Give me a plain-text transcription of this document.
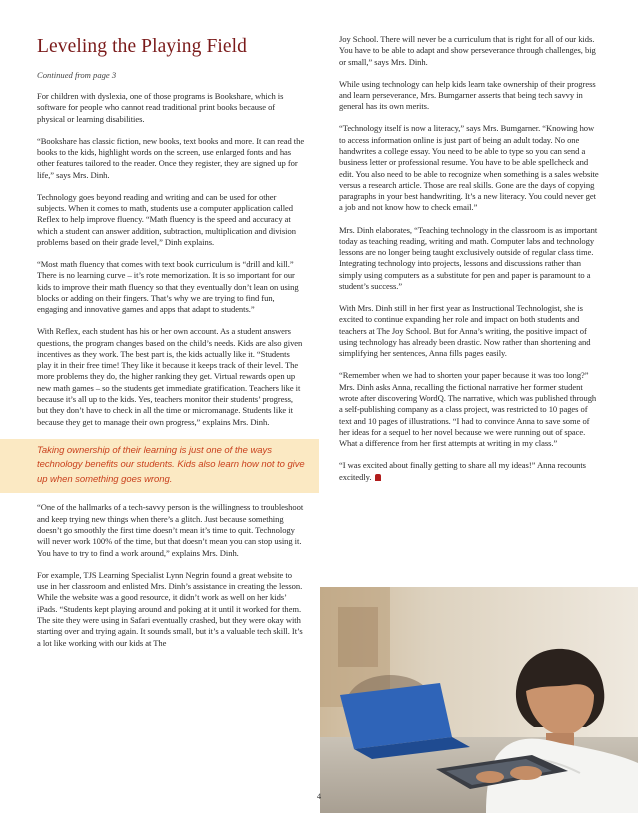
Leveling the Playing Field
Continued from page 3

For children with dyslexia, one of those programs is Bookshare, which is software for people who cannot read traditional print books because of physical or learning disabilities.

“Bookshare has classic fiction, new books, text books and more. It can read the books to the kids, highlight words on the screen, use enlarged fonts and has other features tailored to the reader. Once they register, they are signed up for life,” says Mrs. Dinh.

Technology goes beyond reading and writing and can be used for other subjects. When it comes to math, students use a computer application called Reflex to help improve fluency. “Math fluency is the speed and accuracy at which a student can answer addition, subtraction, multiplication and division problems based on their grade level,” Dinh explains.

“Most math fluency that comes with text book curriculum is “drill and kill.” There is no learning curve – it’s rote memorization. It is so important for our kids to improve their math fluency so that they eventually don’t lean on using blocks or adding on their fingers. That’s why we are trying to find fun, engaging and innovative games and apps that adapt to students.”

With Reflex, each student has his or her own account. As a student answers questions, the program changes based on the child’s needs. Kids are also given incentives as they work. The best part is, the kids actually like it. “Students play it in their free time! They like it because it keeps track of their level. The more problems they do, the higher ranking they get. Virtual rewards open up new math games – so the students get immediate gratification. Teachers like it because it’s all up to the kids. Yes, teachers monitor their students’ progress, but they don’t have to check in all the time or micromanage. Students like it because they get to manage their own progress,” explains Mrs. Dinh.

Taking ownership of their learning is just one of the ways technology benefits our students. Kids also learn how not to give up when something goes wrong.

“One of the hallmarks of a tech-savvy person is the willingness to troubleshoot and keep trying new things when there’s a glitch. Just because something doesn’t go smoothly the first time doesn’t mean it’s time to quit. Technology will never work 100% of the time, but that doesn’t mean you can stop using it. You have to try to find a work around,” explains Mrs. Dinh.

For example, TJS Learning Specialist Lynn Negrin found a great website to use in her classroom and enlisted Mrs. Dinh’s assistance in creating the lesson. While the website was a good resource, it didn’t work as well on her kids’ iPads. “Students kept playing around and poking at it until it worked for them. The site they were using in Safari eventually crashed, but they were okay with starting over and trying again. It sounds small, but it’s a valuable tech skill. It’s a lot like working with our kids at The

Joy School. There will never be a curriculum that is right for all of our kids. You have to be able to adapt and show perseverance through challenges, big or small,” says Mrs. Dinh.

While using technology can help kids learn take ownership of their progress and learn perseverance, Mrs. Bumgarner asserts that being tech savvy in general has its own merits.

“Technology itself is now a literacy,” says Mrs. Bumgarner. “Knowing how to access information online is just part of being an adult today. No one handwrites a college essay. You need to be able to type so you can send a business letter or professional resume. You have to be able spellcheck and edit. You also need to be able to recognize when something is a sales website versus a research article. Those are real skills. Gone are the days of copying paragraphs in your best handwriting. It’s a new literacy. You could never get a job and not know how to check email.”

Mrs. Dinh elaborates, “Teaching technology in the classroom is as important today as teaching reading, writing and math. Computer labs and technology lessons are no longer being taught exclusively outside of regular class time. Integrating technology into projects, lessons and discussions rather than simply using computers as a substitute for pen and paper is paramount to a student’s success.”

With Mrs. Dinh still in her first year as Instructional Technologist, she is excited to continue expanding her role and impact on both students and teachers at The Joy School. But for Anna’s writing, the positive impact of using technology has already been drastic. Now rather than shortening and simplifying her sentences, Anna fills pages easily.

“Remember when we had to shorten your paper because it was too long?” Mrs. Dinh asks Anna, recalling the fictional narrative her former student wrote after discovering WordQ. The narrative, which was published through a self-publishing company as a class project, was restricted to 10 pages of text and 10 pages of illustrations. “I had to convince Anna to save some of her ideas for a sequel to her novel because we were running out of space. What a difference from her first attempts at writing in my class.”

“I was excited about finally getting to share all my ideas!” Anna recounts excitedly.

4
